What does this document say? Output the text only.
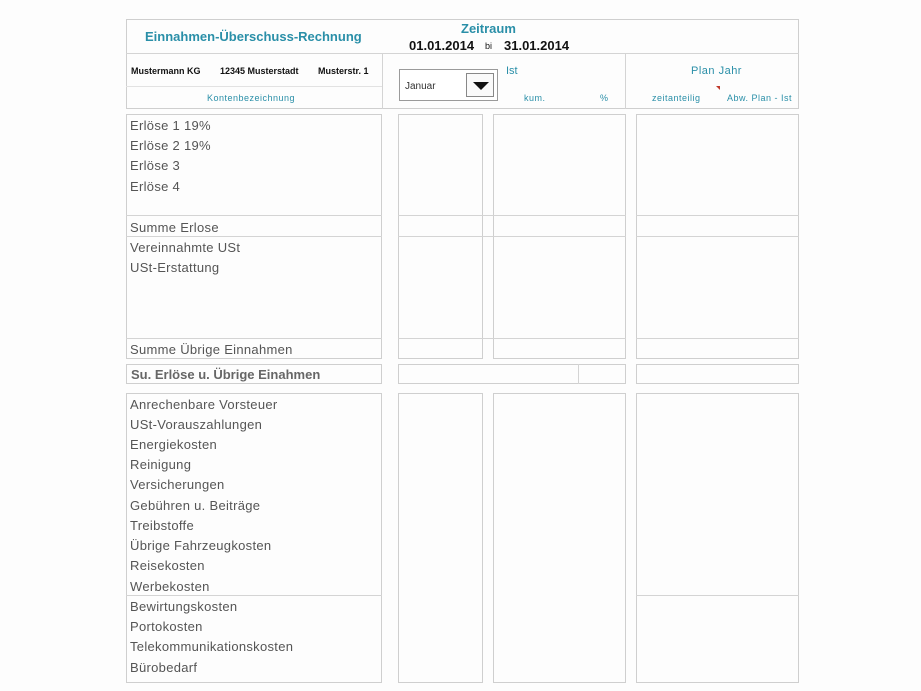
Einnahmen-Überschuss-Rechnung
Zeitraum
01.01.2014 bi 31.01.2014
Mustermann KG 12345 Musterstadt Musterstr. 1
Januar
Ist	Plan Jahr
Kontenbezeichnung	kum.	%	zeitanteilig	Abw. Plan - Ist
Erlöse 1 19%
Erlöse 2 19%
Erlöse 3
Erlöse 4
Summe Erlose
Vereinnahmte USt
USt-Erstattung
Summe Übrige Einnahmen
Su. Erlöse u. Übrige Einahmen
Anrechenbare Vorsteuer
USt-Vorauszahlungen
Energiekosten
Reinigung
Versicherungen
Gebühren u. Beiträge
Treibstoffe
Übrige Fahrzeugkosten
Reisekosten
Werbekosten
Bewirtungskosten
Portokosten
Telekommunikationskosten
Bürobedarf
